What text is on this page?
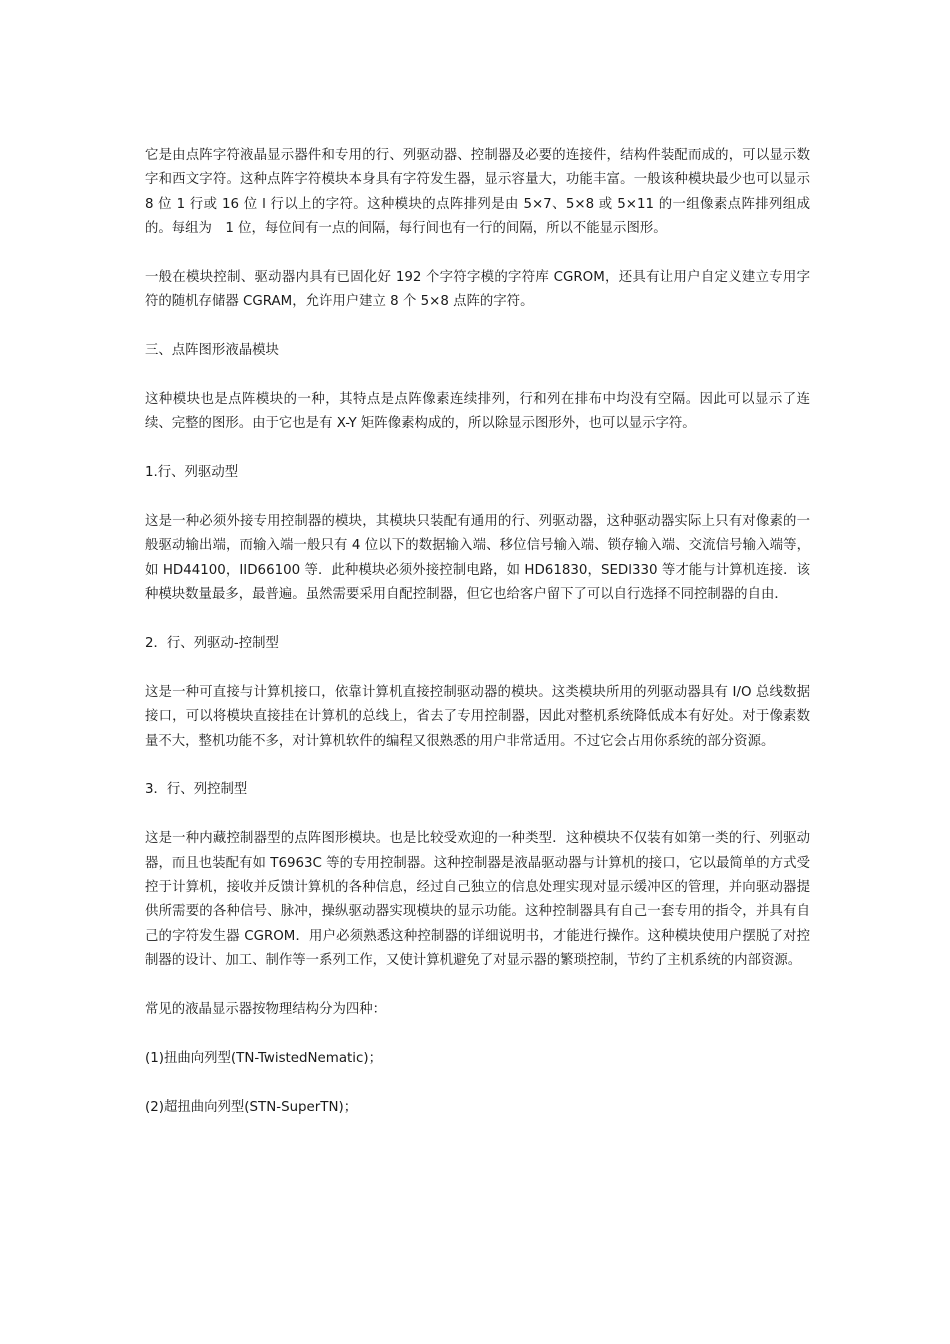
它是由点阵字符液晶显示器件和专用的行、列驱动器、控制器及必要的连接件，结构件装配而成的，可以显示数字和西文字符。这种点阵字符模块本身具有字符发生器，显示容量大，功能丰富。一般该种模块最少也可以显示 8 位 1 行或 16 位 l 行以上的字符。这种模块的点阵排列是由 5×7、5×8 或 5×11 的一组像素点阵排列组成的。每组为　1 位，每位间有一点的间隔，每行间也有一行的间隔，所以不能显示图形。

一般在模块控制、驱动器内具有已固化好 192 个字符字模的字符库 CGROM，还具有让用户自定义建立专用字符的随机存储器 CGRAM，允许用户建立 8 个 5×8 点阵的字符。

三、点阵图形液晶模块

这种模块也是点阵模块的一种，其特点是点阵像素连续排列，行和列在排布中均没有空隔。因此可以显示了连续、完整的图形。由于它也是有 X-Y 矩阵像素构成的，所以除显示图形外，也可以显示字符。

1.行、列驱动型

这是一种必须外接专用控制器的模块，其模块只装配有通用的行、列驱动器，这种驱动器实际上只有对像素的一般驱动输出端，而输入端一般只有 4 位以下的数据输入端、移位信号输入端、锁存输入端、交流信号输入端等，如 HD44100，IID66100 等．此种模块必须外接控制电路，如 HD61830，SEDl330 等才能与计算机连接．该种模块数量最多，最普遍。虽然需要采用自配控制器，但它也给客户留下了可以自行选择不同控制器的自由．

2．行、列驱动-控制型

这是一种可直接与计算机接口，依靠计算机直接控制驱动器的模块。这类模块所用的列驱动器具有 I/O 总线数据接口，可以将模块直接挂在计算机的总线上，省去了专用控制器，因此对整机系统降低成本有好处。对于像素数量不大，整机功能不多，对计算机软件的编程又很熟悉的用户非常适用。不过它会占用你系统的部分资源。

3．行、列控制型

这是一种内藏控制器型的点阵图形模块。也是比较受欢迎的一种类型．这种模块不仅装有如第一类的行、列驱动器，而且也装配有如 T6963C 等的专用控制器。这种控制器是液晶驱动器与计算机的接口，它以最简单的方式受控于计算机，接收并反馈计算机的各种信息，经过自己独立的信息处理实现对显示缓冲区的管理，并向驱动器提供所需要的各种信号、脉冲，操纵驱动器实现模块的显示功能。这种控制器具有自己一套专用的指令，并具有自己的字符发生器 CGROM．用户必须熟悉这种控制器的详细说明书，才能进行操作。这种模块使用户摆脱了对控制器的设计、加工、制作等一系列工作，又使计算机避免了对显示器的繁琐控制，节约了主机系统的内部资源。

常见的液晶显示器按物理结构分为四种：

(1)扭曲向列型(TN-TwistedNematic)；

(2)超扭曲向列型(STN-SuperTN)；
